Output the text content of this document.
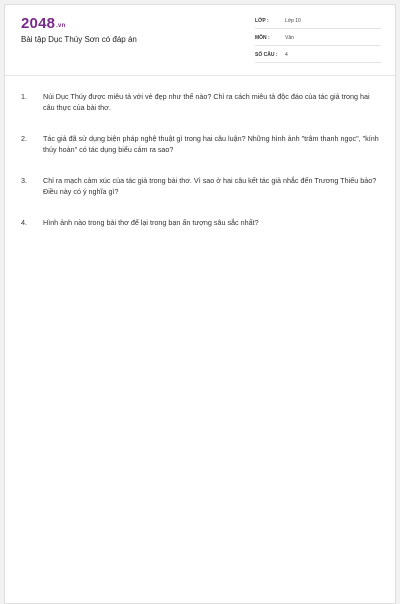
2048.vn
Bài tập Dục Thúy Sơn có đáp án
LỚP :	Lớp 10
MÔN :	Văn
SỐ CÂU : 4
1. Núi Dục Thúy được miêu tả với vẻ đẹp như thế nào? Chỉ ra cách miêu tả độc đáo của tác giả trong hai câu thực của bài thơ.
2. Tác giả đã sử dụng biện pháp nghệ thuật gì trong hai câu luận? Những hình ảnh "trâm thanh ngọc", "kính thúy hoàn" có tác dụng biểu cảm ra sao?
3. Chỉ ra mạch cảm xúc của tác giả trong bài thơ. Vì sao ở hai câu kết tác giả nhắc đến Trương Thiếu bảo? Điều này có ý nghĩa gì?
4. Hình ảnh nào trong bài thơ để lại trong bạn ấn tượng sâu sắc nhất?
